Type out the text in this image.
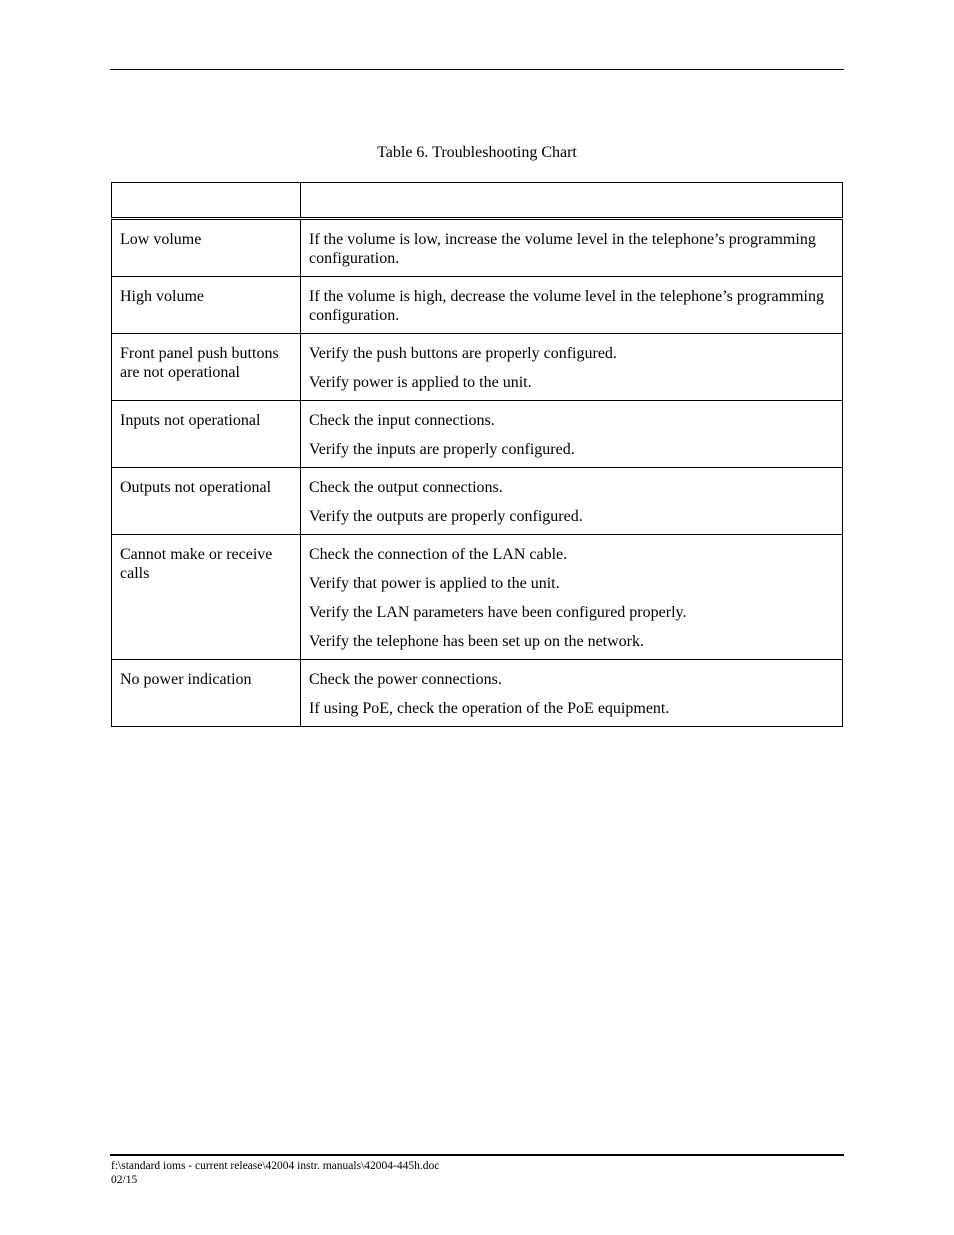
Table 6. Troubleshooting Chart

Low volume	If the volume is low, increase the volume level in the telephone’s programming configuration.

High volume	If the volume is high, decrease the volume level in the telephone’s programming configuration.

Front panel push buttons are not operational	Verify the push buttons are properly configured.
Verify power is applied to the unit.

Inputs not operational	Check the input connections.
Verify the inputs are properly configured.

Outputs not operational	Check the output connections.
Verify the outputs are properly configured.

Cannot make or receive calls	Check the connection of the LAN cable.
Verify that power is applied to the unit.
Verify the LAN parameters have been configured properly.
Verify the telephone has been set up on the network.

No power indication	Check the power connections.
If using PoE, check the operation of the PoE equipment.
f:\standard ioms - current release\42004 instr. manuals\42004-445h.doc
02/15
